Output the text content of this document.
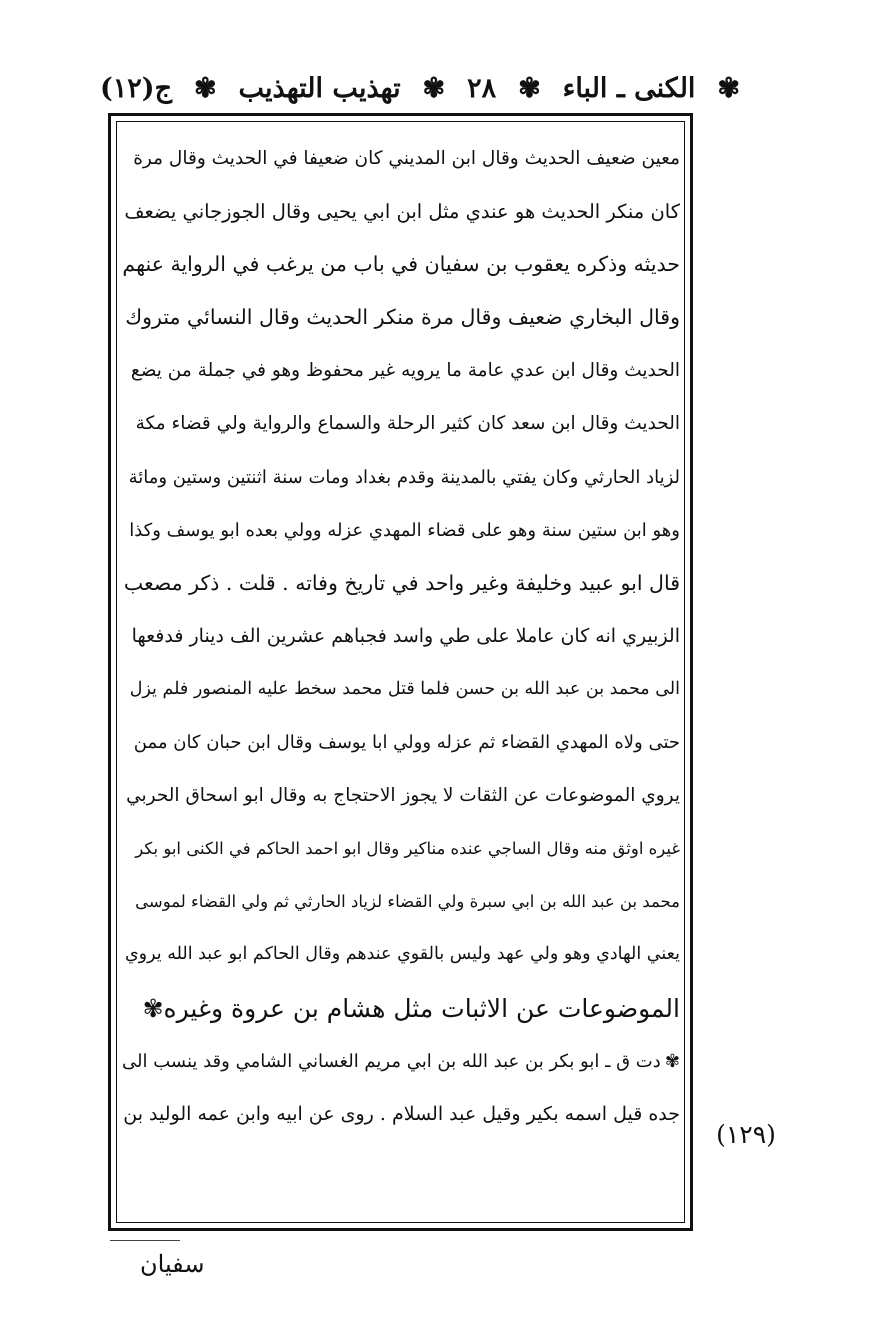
✾
الكنى ـ الباء
✾
٢٨
✾
تهذيب التهذيب
✾
ج(١٢)
معين ضعيف الحديث وقال ابن المديني كان ضعيفا في الحديث وقال مرة
كان منكر الحديث هو عندي مثل ابن ابي يحيى وقال الجوزجاني يضعف
حديثه وذكره يعقوب بن سفيان في باب من يرغب في الرواية عنهم
وقال البخاري ضعيف وقال مرة منكر الحديث وقال النسائي متروك
الحديث وقال ابن عدي عامة ما يرويه غير محفوظ وهو في جملة من يضع
الحديث وقال ابن سعد كان كثير الرحلة والسماع والرواية ولي قضاء مكة
لزياد الحارثي وكان يفتي بالمدينة وقدم بغداد ومات سنة اثنتين وستين ومائة
وهو ابن ستين سنة وهو على قضاء المهدي عزله وولي بعده ابو يوسف وكذا
قال ابو عبيد وخليفة وغير واحد في تاريخ وفاته . قلت . ذكر مصعب
الزبيري انه كان عاملا على طي واسد فجباهم عشرين الف دينار فدفعها
الى محمد بن عبد الله بن حسن فلما قتل محمد سخط عليه المنصور فلم يزل
حتى ولاه المهدي القضاء ثم عزله وولي ابا يوسف وقال ابن حبان كان ممن
يروي الموضوعات عن الثقات لا يجوز الاحتجاج به وقال ابو اسحاق الحربي
غيره اوثق منه وقال الساجي عنده مناكير وقال ابو احمد الحاكم في الكنى ابو بكر
محمد بن عبد الله بن ابي سبرة ولي القضاء لزياد الحارثي ثم ولي القضاء لموسى
يعني الهادي وهو ولي عهد وليس بالقوي عندهم وقال الحاكم ابو عبد الله يروي
الموضوعات عن الاثبات مثل هشام بن عروة وغيره
✾
✾
دت ق ـ ابو بكر بن عبد الله بن ابي مريم الغساني الشامي وقد ينسب الى
جده قيل اسمه بكير وقيل عبد السلام . روى عن ابيه وابن عمه الوليد بن
(١٢٩)
سفيان
